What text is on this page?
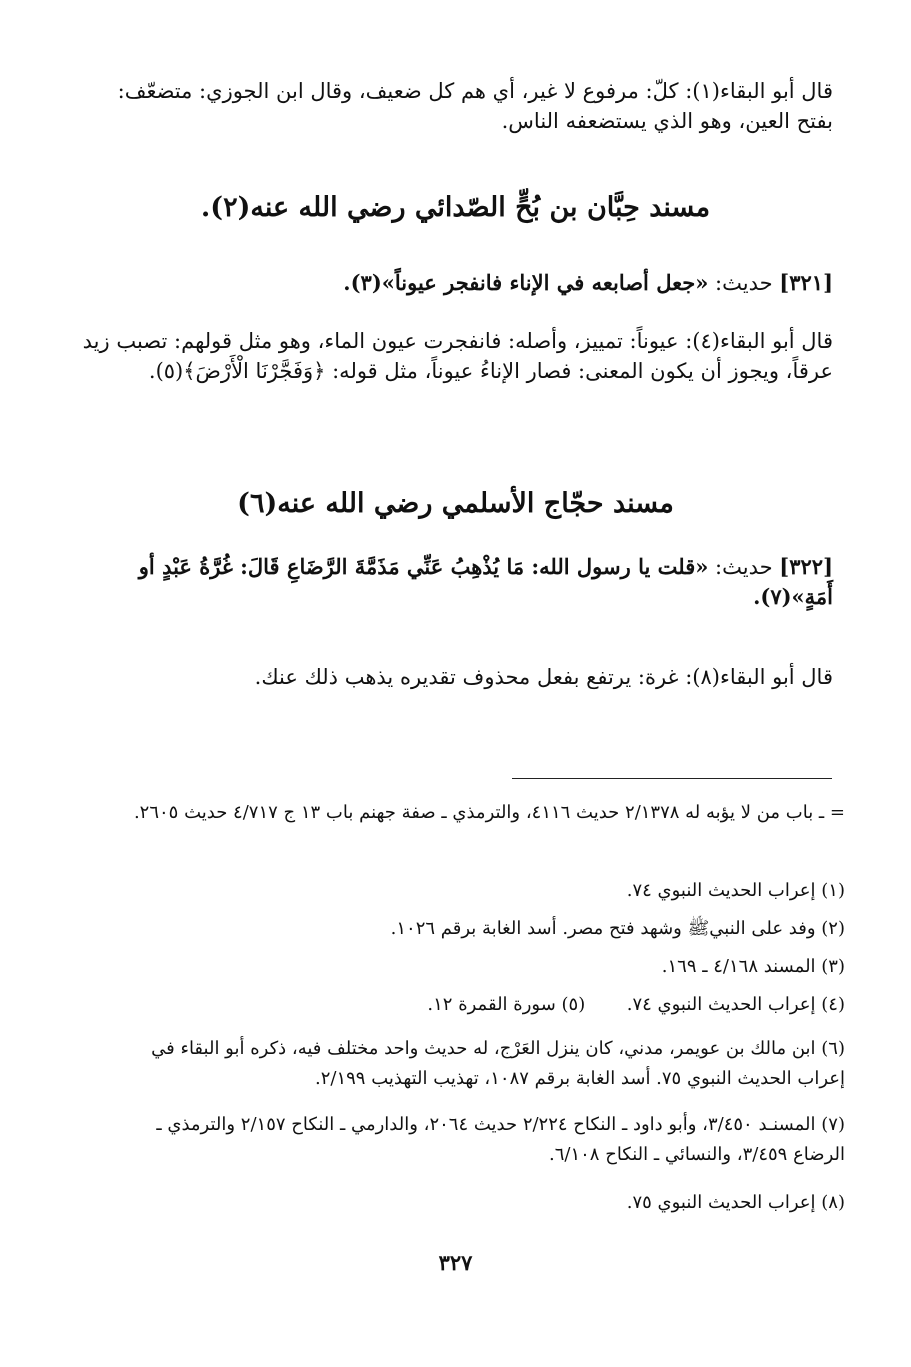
قال أبو البقاء(١): كلّ: مرفوع لا غير، أي هم كل ضعيف، وقال ابن الجوزي: متضعّف: بفتح العين، وهو الذي يستضعفه الناس.
مسند حِبَّان بن بُحٍّ الصّدائي رضي الله عنه(٢).
[٣٢١] حديث: «جعل أصابعه في الإناء فانفجر عيوناً»(٣).
قال أبو البقاء(٤): عيوناً: تمييز، وأصله: فانفجرت عيون الماء، وهو مثل قولهم: تصبب زيد عرقاً، ويجوز أن يكون المعنى: فصار الإناءُ عيوناً، مثل قوله: ﴿وَفَجَّرْنَا الْأَرْضَ﴾(٥).
مسند حجّاج الأسلمي رضي الله عنه(٦)
[٣٢٢] حديث: «قلت يا رسول الله: مَا يُذْهِبُ عَنِّي مَذَمَّةَ الرَّضَاعِ قَالَ: غُرَّةُ عَبْدٍ أو أَمَةٍ»(٧).
قال أبو البقاء(٨): غرة: يرتفع بفعل محذوف تقديره يذهب ذلك عنك.
= ـ باب من لا يؤبه له ٢/١٣٧٨ حديث ٤١١٦، والترمذي ـ صفة جهنم باب ١٣ ج ٤/٧١٧ حديث ٢٦٠٥.
(١) إعراب الحديث النبوي ٧٤.
(٢) وفد على النبيﷺ وشهد فتح مصر. أسد الغابة برقم ١٠٢٦.
(٣) المسند ٤/١٦٨ ـ ١٦٩.
(٤) إعراب الحديث النبوي ٧٤.  (٥) سورة القمرة ١٢.
(٦) ابن مالك بن عويمر، مدني، كان ينزل العَرْج، له حديث واحد مختلف فيه، ذكره أبو البقاء في إعراب الحديث النبوي ٧٥. أسد الغابة برقم ١٠٨٧، تهذيب التهذيب ٢/١٩٩.
(٧) المسنـد ٣/٤٥٠، وأبو داود ـ النكاح ٢/٢٢٤ حديث ٢٠٦٤، والدارمي ـ النكاح ٢/١٥٧ والترمذي ـ الرضاع ٣/٤٥٩، والنسائي ـ النكاح ٦/١٠٨.
(٨) إعراب الحديث النبوي ٧٥.
٣٢٧
